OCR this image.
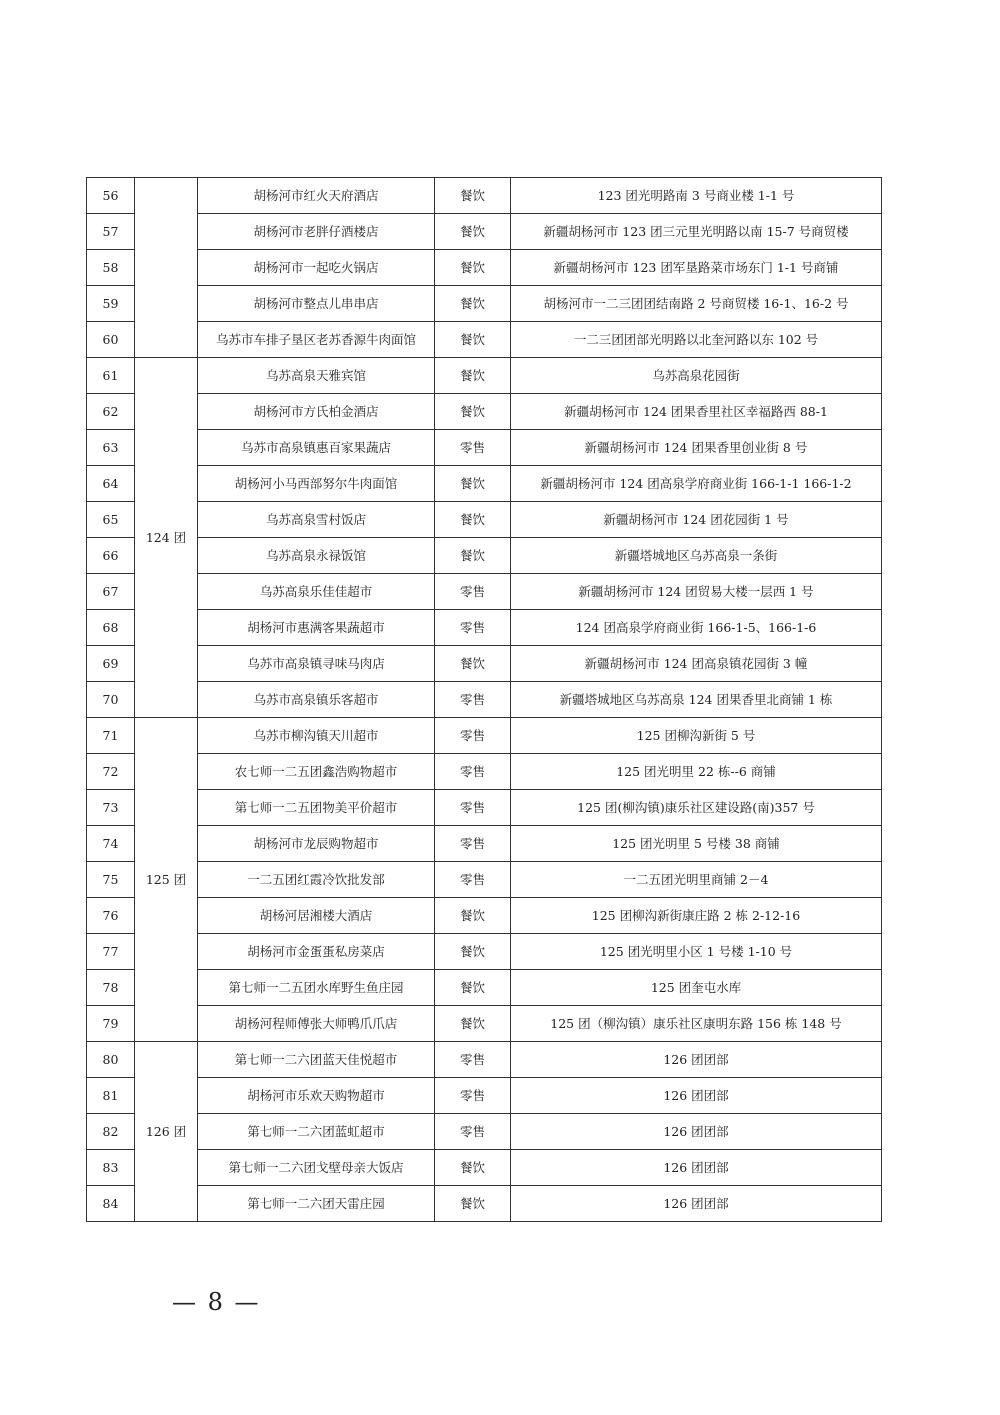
56		胡杨河市红火天府酒店	餐饮	123 团光明路南 3 号商业楼 1-1 号
57		胡杨河市老胖仔酒楼店	餐饮	新疆胡杨河市 123 团三元里光明路以南 15-7 号商贸楼
58		胡杨河市一起吃火锅店	餐饮	新疆胡杨河市 123 团军垦路菜市场东门 1-1 号商铺
59		胡杨河市整点儿串串店	餐饮	胡杨河市一二三团团结南路 2 号商贸楼 16-1、16-2 号
60		乌苏市车排子垦区老苏香源牛肉面馆	餐饮	一二三团团部光明路以北奎河路以东 102 号
61	124 团	乌苏高泉天雅宾馆	餐饮	乌苏高泉花园街
62		胡杨河市方氏柏金酒店	餐饮	新疆胡杨河市 124 团果香里社区幸福路西 88-1
63		乌苏市高泉镇惠百家果蔬店	零售	新疆胡杨河市 124 团果香里创业街 8 号
64		胡杨河小马西部努尔牛肉面馆	餐饮	新疆胡杨河市 124 团高泉学府商业街 166-1-1 166-1-2
65		乌苏高泉雪村饭店	餐饮	新疆胡杨河市 124 团花园街 1 号
66		乌苏高泉永禄饭馆	餐饮	新疆塔城地区乌苏高泉一条街
67		乌苏高泉乐佳佳超市	零售	新疆胡杨河市 124 团贸易大楼一层西 1 号
68		胡杨河市惠满客果蔬超市	零售	124 团高泉学府商业街 166-1-5、166-1-6
69		乌苏市高泉镇寻味马肉店	餐饮	新疆胡杨河市 124 团高泉镇花园街 3 幢
70		乌苏市高泉镇乐客超市	零售	新疆塔城地区乌苏高泉 124 团果香里北商铺 1 栋
71	125 团	乌苏市柳沟镇天川超市	零售	125 团柳沟新街 5 号
72		农七师一二五团鑫浩购物超市	零售	125 团光明里 22 栋--6 商铺
73		第七师一二五团物美平价超市	零售	125 团(柳沟镇)康乐社区建设路(南)357 号
74		胡杨河市龙辰购物超市	零售	125 团光明里 5 号楼 38 商铺
75		一二五团红霞冷饮批发部	零售	一二五团光明里商铺 2－4
76		胡杨河居湘楼大酒店	餐饮	125 团柳沟新街康庄路 2 栋 2-12-16
77		胡杨河市金蛋蛋私房菜店	餐饮	125 团光明里小区 1 号楼 1-10 号
78		第七师一二五团水库野生鱼庄园	餐饮	125 团奎屯水库
79		胡杨河程师傅张大师鸭爪爪店	餐饮	125 团（柳沟镇）康乐社区康明东路 156 栋 148 号
80	126 团	第七师一二六团蓝天佳悦超市	零售	126 团团部
81		胡杨河市乐欢天购物超市	零售	126 团团部
82		第七师一二六团蓝虹超市	零售	126 团团部
83		第七师一二六团戈壁母亲大饭店	餐饮	126 团团部
84		第七师一二六团天雷庄园	餐饮	126 团团部
— 8 —
